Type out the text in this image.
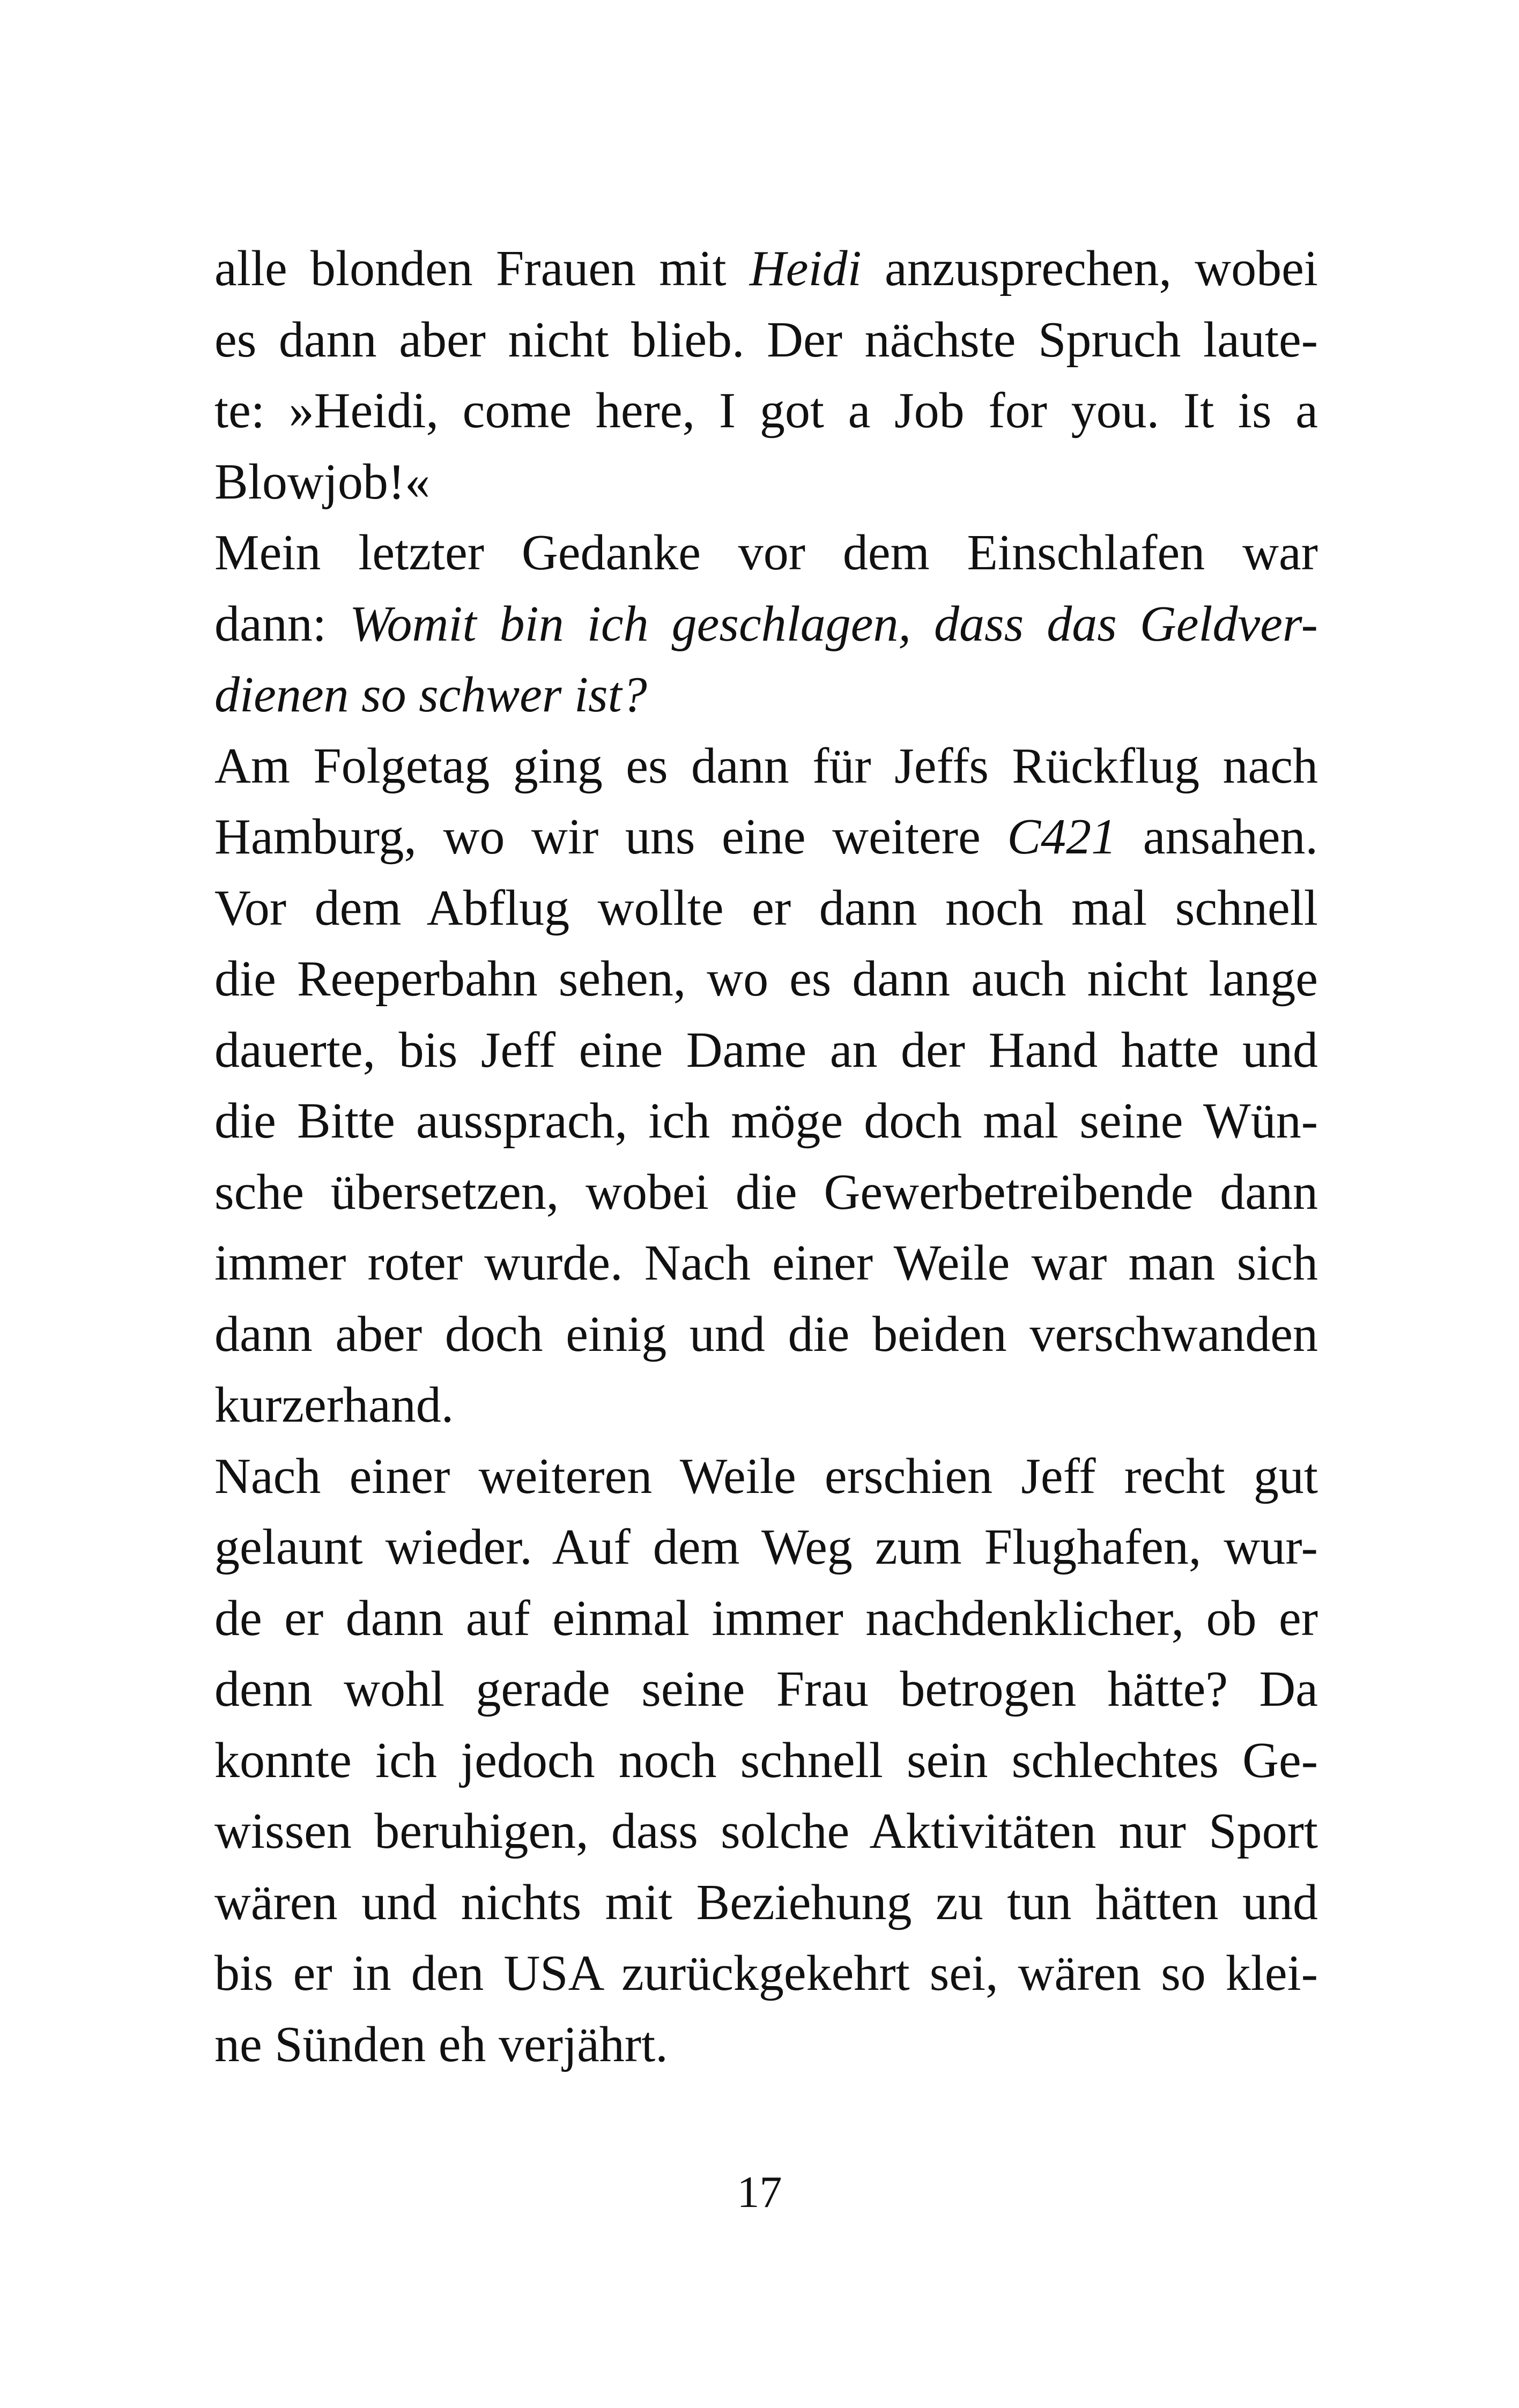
alle blonden Frauen mit Heidi anzusprechen, wobei
es dann aber nicht blieb. Der nächste Spruch laute-
te: »Heidi, come here, I got a Job for you. It is a
Blowjob!«
Mein letzter Gedanke vor dem Einschlafen war
dann: Womit bin ich geschlagen, dass das Geldver-
dienen so schwer ist?
Am Folgetag ging es dann für Jeffs Rückflug nach
Hamburg, wo wir uns eine weitere C421 ansahen.
Vor dem Abflug wollte er dann noch mal schnell
die Reeperbahn sehen, wo es dann auch nicht lange
dauerte, bis Jeff eine Dame an der Hand hatte und
die Bitte aussprach, ich möge doch mal seine Wün-
sche übersetzen, wobei die Gewerbetreibende dann
immer roter wurde. Nach einer Weile war man sich
dann aber doch einig und die beiden verschwanden
kurzerhand.
Nach einer weiteren Weile erschien Jeff recht gut
gelaunt wieder. Auf dem Weg zum Flughafen, wur-
de er dann auf einmal immer nachdenklicher, ob er
denn wohl gerade seine Frau betrogen hätte? Da
konnte ich jedoch noch schnell sein schlechtes Ge-
wissen beruhigen, dass solche Aktivitäten nur Sport
wären und nichts mit Beziehung zu tun hätten und
bis er in den USA zurückgekehrt sei, wären so klei-
ne Sünden eh verjährt.
17
